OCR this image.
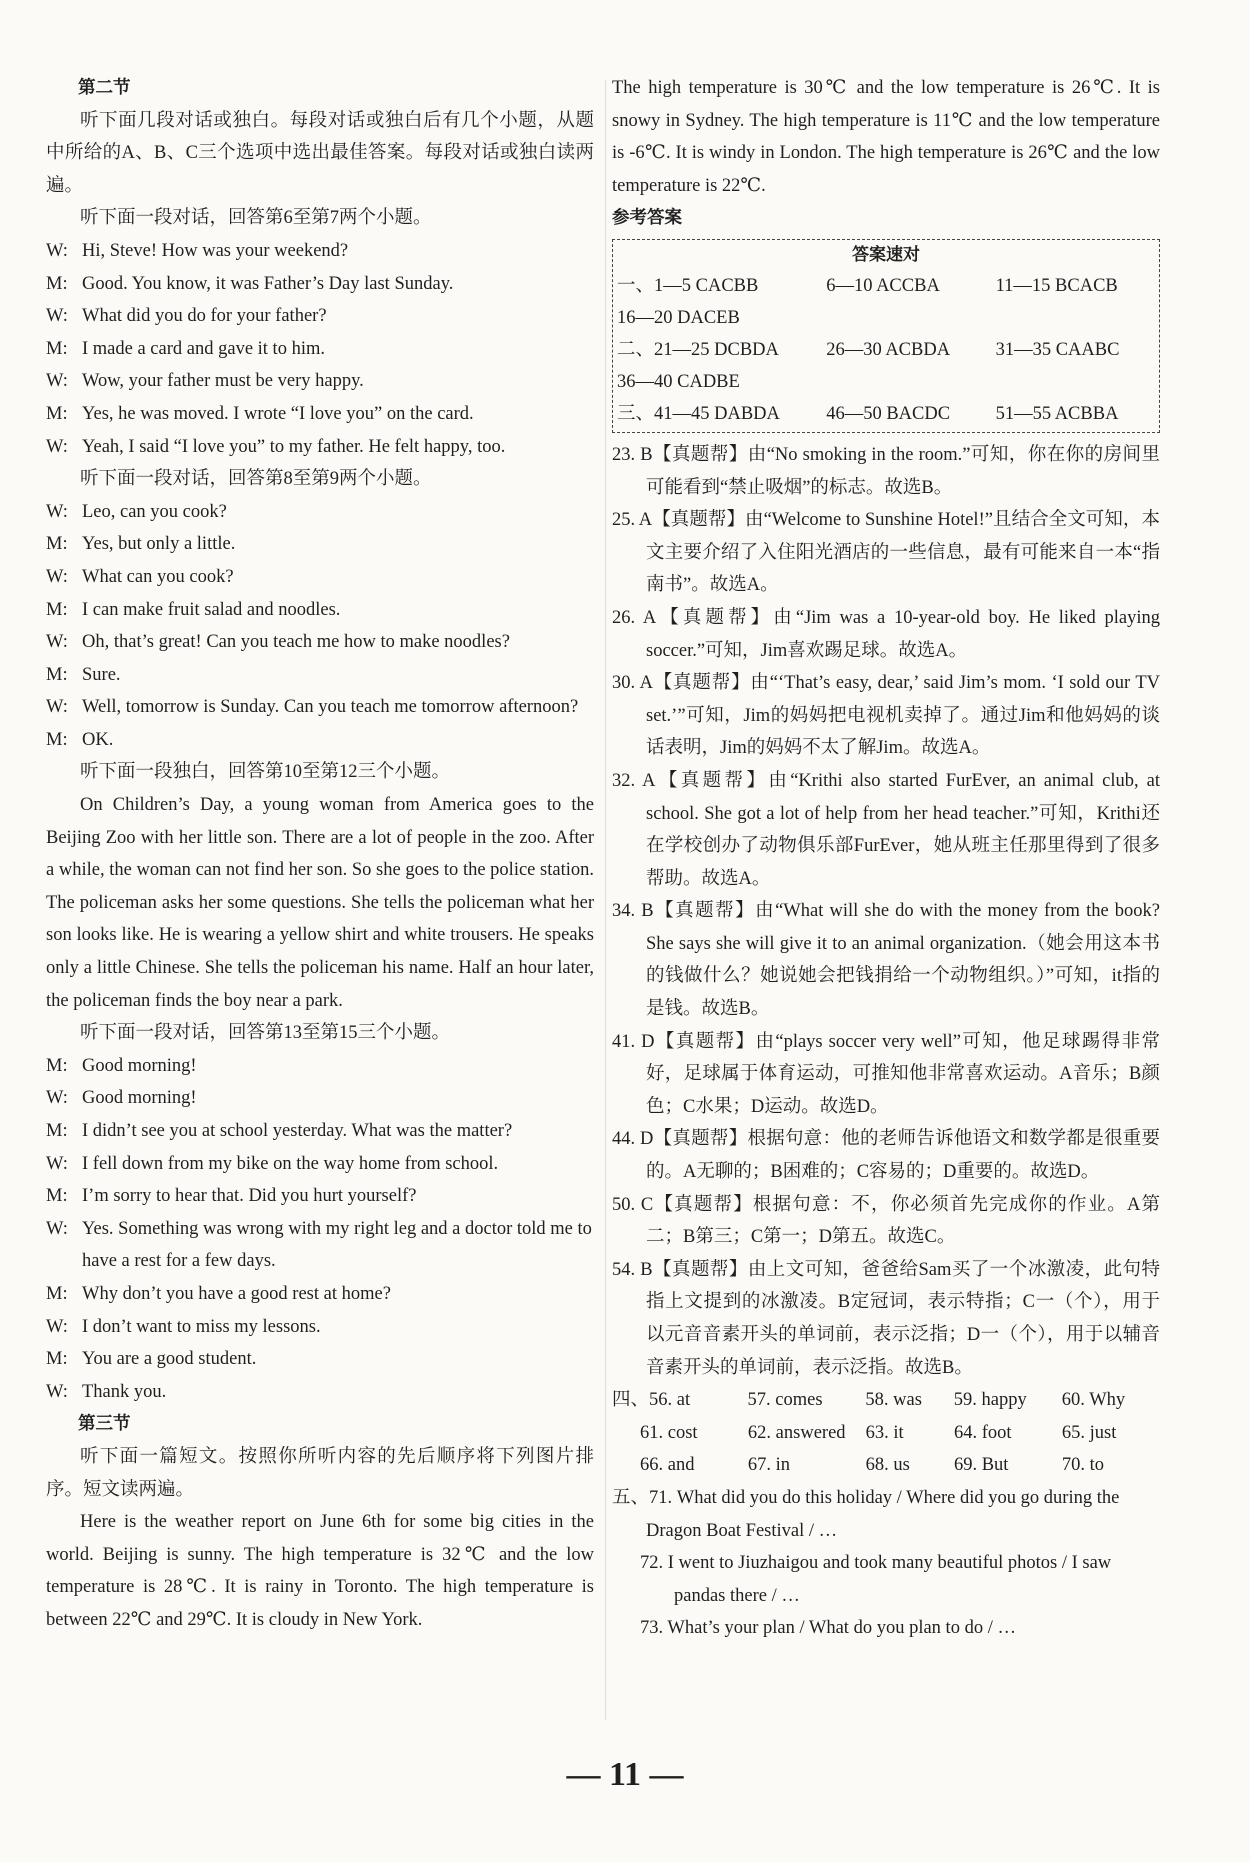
第二节

听下面几段对话或独白。每段对话或独白后有几个小题，从题中所给的A、B、C三个选项中选出最佳答案。每段对话或独白读两遍。

听下面一段对话，回答第6至第7两个小题。

W: Hi, Steve! How was your weekend?

M: Good. You know, it was Father’s Day last Sunday.

W: What did you do for your father?

M: I made a card and gave it to him.

W: Wow, your father must be very happy.

M: Yes, he was moved. I wrote “I love you” on the card.

W: Yeah, I said “I love you” to my father. He felt happy, too.

听下面一段对话，回答第8至第9两个小题。

W: Leo, can you cook?

M: Yes, but only a little.

W: What can you cook?

M: I can make fruit salad and noodles.

W: Oh, that’s great! Can you teach me how to make noodles?

M: Sure.

W: Well, tomorrow is Sunday. Can you teach me tomorrow afternoon?

M: OK.

听下面一段独白，回答第10至第12三个小题。

On Children’s Day, a young woman from America goes to the Beijing Zoo with her little son. There are a lot of people in the zoo. After a while, the woman can not find her son. So she goes to the police station. The policeman asks her some questions. She tells the policeman what her son looks like. He is wearing a yellow shirt and white trousers. He speaks only a little Chinese. She tells the policeman his name. Half an hour later, the policeman finds the boy near a park.

听下面一段对话，回答第13至第15三个小题。

M: Good morning!

W: Good morning!

M: I didn’t see you at school yesterday. What was the matter?

W: I fell down from my bike on the way home from school.

M: I’m sorry to hear that. Did you hurt yourself?

W: Yes. Something was wrong with my right leg and a doctor told me to have a rest for a few days.

M: Why don’t you have a good rest at home?

W: I don’t want to miss my lessons.

M: You are a good student.

W: Thank you.

第三节

听下面一篇短文。按照你所听内容的先后顺序将下列图片排序。短文读两遍。

Here is the weather report on June 6th for some big cities in the world. Beijing is sunny. The high temperature is 32℃ and the low temperature is 28℃. It is rainy in Toronto. The high temperature is between 22℃ and 29℃. It is cloudy in New York.

The high temperature is 30℃ and the low temperature is 26℃. It is snowy in Sydney. The high temperature is 11℃ and the low temperature is -6℃. It is windy in London. The high temperature is 26℃ and the low temperature is 22℃.

参考答案

答案速对
一、1—5 CACBB	6—10 ACCBA	11—15 BCACB
16—20 DACEB
二、21—25 DCBDA	26—30 ACBDA	31—35 CAABC
36—40 CADBE
三、41—45 DABDA	46—50 BACDC	51—55 ACBBA

23. B【真题帮】由“No smoking in the room.”可知，你在你的房间里可能看到“禁止吸烟”的标志。故选B。

25. A【真题帮】由“Welcome to Sunshine Hotel!”且结合全文可知，本文主要介绍了入住阳光酒店的一些信息，最有可能来自一本“指南书”。故选A。

26. A【真题帮】由“Jim was a 10-year-old boy. He liked playing soccer.”可知，Jim喜欢踢足球。故选A。

30. A【真题帮】由“‘That’s easy, dear,’ said Jim’s mom. ‘I sold our TV set.’”可知，Jim的妈妈把电视机卖掉了。通过Jim和他妈妈的谈话表明，Jim的妈妈不太了解Jim。故选A。

32. A【真题帮】由“Krithi also started FurEver, an animal club, at school. She got a lot of help from her head teacher.”可知，Krithi还在学校创办了动物俱乐部FurEver，她从班主任那里得到了很多帮助。故选A。

34. B【真题帮】由“What will she do with the money from the book? She says she will give it to an animal organization.（她会用这本书的钱做什么？她说她会把钱捐给一个动物组织。）”可知，it指的是钱。故选B。

41. D【真题帮】由“plays soccer very well”可知，他足球踢得非常好，足球属于体育运动，可推知他非常喜欢运动。A音乐；B颜色；C水果；D运动。故选D。

44. D【真题帮】根据句意：他的老师告诉他语文和数学都是很重要的。A无聊的；B困难的；C容易的；D重要的。故选D。

50. C【真题帮】根据句意：不，你必须首先完成你的作业。A第二；B第三；C第一；D第五。故选C。

54. B【真题帮】由上文可知，爸爸给Sam买了一个冰激凌，此句特指上文提到的冰激凌。B定冠词，表示特指；C一（个），用于以元音音素开头的单词前，表示泛指；D一（个），用于以辅音音素开头的单词前，表示泛指。故选B。

四、56. at	57. comes	58. was	59. happy	60. Why
61. cost	62. answered	63. it	64. foot	65. just
66. and	67. in	68. us	69. But	70. to

五、71. What did you do this holiday / Where did you go during the Dragon Boat Festival / …

72. I went to Jiuzhaigou and took many beautiful photos / I saw pandas there / …

73. What’s your plan / What do you plan to do / …

— 11 —
